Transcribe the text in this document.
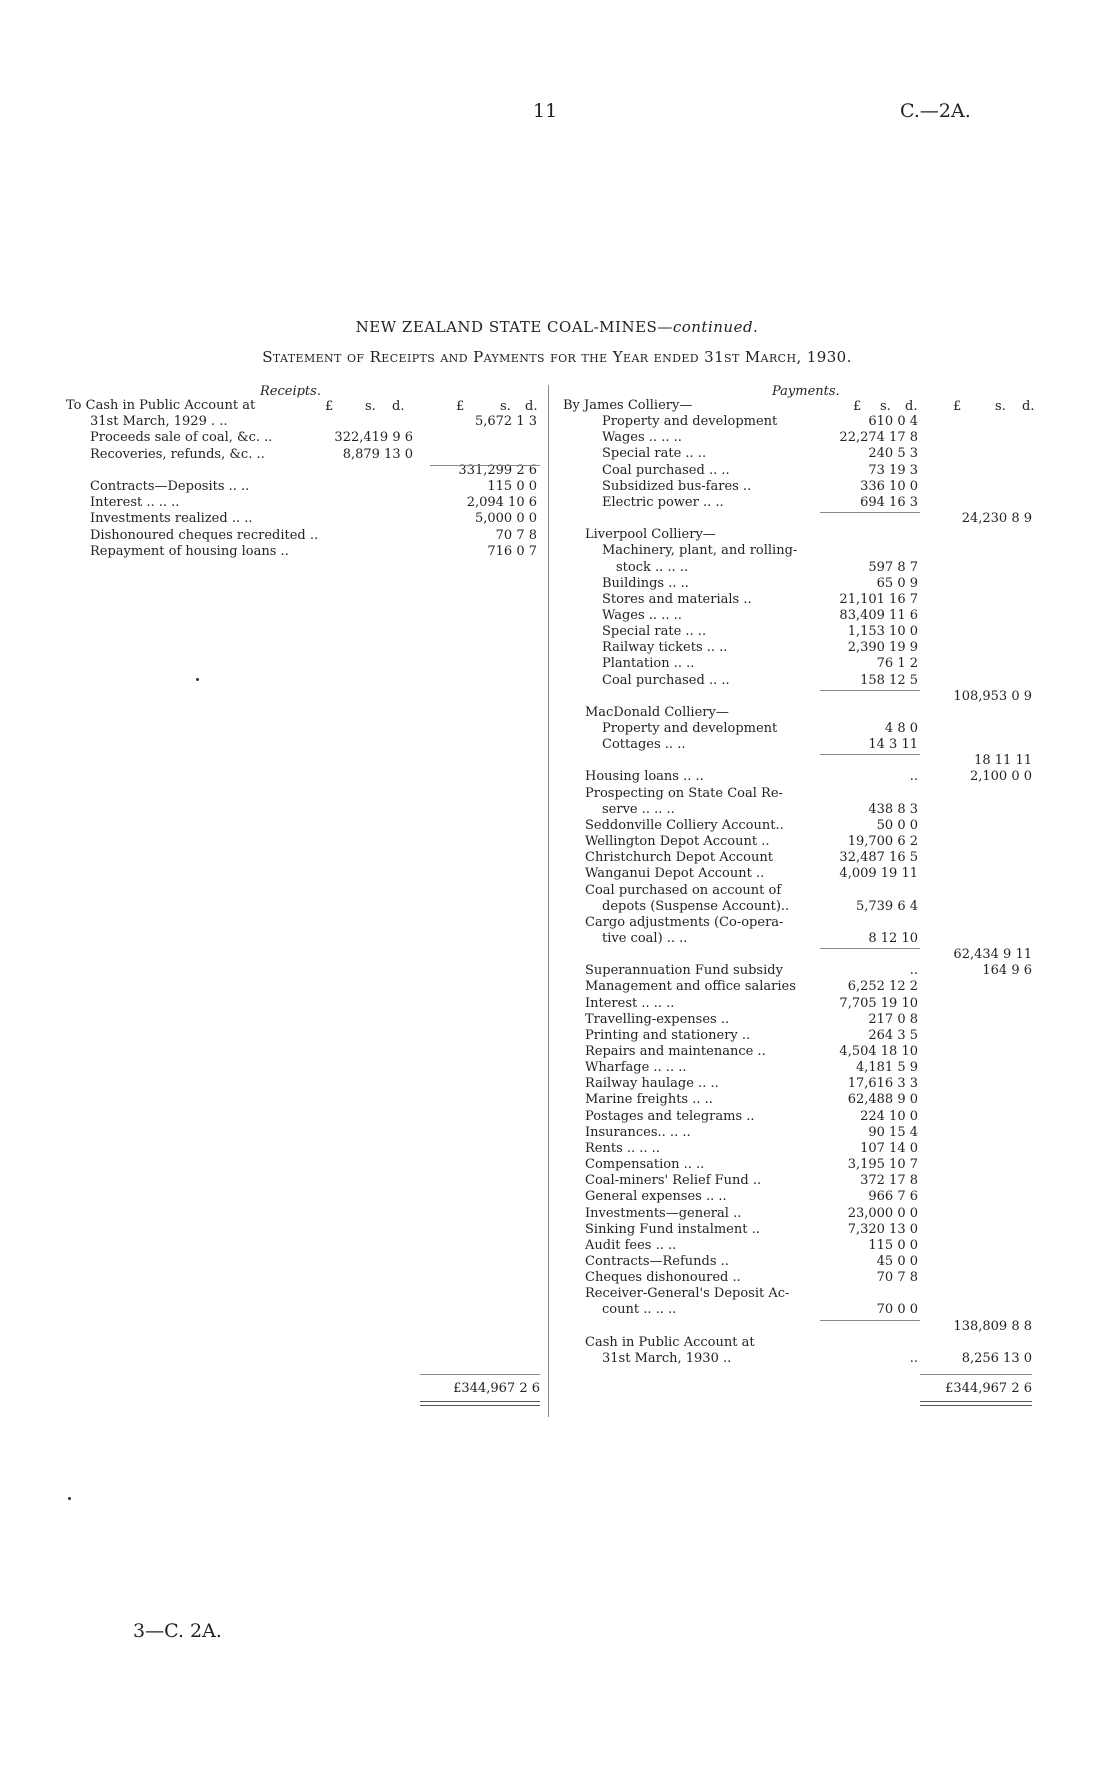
11	C.—2A.
NEW ZEALAND STATE COAL-MINES—continued.
Statement of Receipts and Payments for the Year ended 31st March, 1930.
Receipts.
£ s. d.	£	s. d.
Payments.
£ s. d.	£	s. d.
To Cash in Public Account at
31st March, 1929 . ..	5,672 1 3
Proceeds sale of coal, &c. ..	322,419 9 6
Recoveries, refunds, &c. ..	8,879 13 0
331,299 2 6
Contracts—Deposits .. ..	115 0 0
Interest .. .. ..	2,094 10 6
Investments realized .. ..	5,000 0 0
Dishonoured cheques recredited ..	70 7 8
Repayment of housing loans ..	716 0 7
By James Colliery—
Property and development	610 0 4
Wages .. .. ..	22,274 17 8
Special rate .. ..	240 5 3
Coal purchased .. ..	73 19 3
Subsidized bus-fares ..	336 10 0
Electric power .. ..	694 16 3
24,230 8 9
Liverpool Colliery—
Machinery, plant, and rolling-
stock .. .. ..	597 8 7
Buildings .. ..	65 0 9
Stores and materials ..	21,101 16 7
Wages .. .. ..	83,409 11 6
Special rate .. ..	1,153 10 0
Railway tickets .. ..	2,390 19 9
Plantation .. ..	76 1 2
Coal purchased .. ..	158 12 5
108,953 0 9
MacDonald Colliery—
Property and development	4 8 0
Cottages .. ..	14 3 11
18 11 11
Housing loans .. ..	..	2,100 0 0
Prospecting on State Coal Re-
serve .. .. ..	438 8 3
Seddonville Colliery Account..	50 0 0
Wellington Depot Account ..	19,700 6 2
Christchurch Depot Account	32,487 16 5
Wanganui Depot Account ..	4,009 19 11
Coal purchased on account of
depots (Suspense Account)..	5,739 6 4
Cargo adjustments (Co-opera-
tive coal) .. ..	8 12 10
62,434 9 11
Superannuation Fund subsidy	..	164 9 6
Management and office salaries	6,252 12 2
Interest .. .. ..	7,705 19 10
Travelling-expenses ..	217 0 8
Printing and stationery ..	264 3 5
Repairs and maintenance ..	4,504 18 10
Wharfage .. .. ..	4,181 5 9
Railway haulage .. ..	17,616 3 3
Marine freights .. ..	62,488 9 0
Postages and telegrams ..	224 10 0
Insurances.. .. ..	90 15 4
Rents .. .. ..	107 14 0
Compensation .. ..	3,195 10 7
Coal-miners' Relief Fund ..	372 17 8
General expenses .. ..	966 7 6
Investments—general ..	23,000 0 0
Sinking Fund instalment ..	7,320 13 0
Audit fees .. ..	115 0 0
Contracts—Refunds ..	45 0 0
Cheques dishonoured ..	70 7 8
Receiver-General's Deposit Ac-
count .. .. ..	70 0 0
138,809 8 8
Cash in Public Account at
31st March, 1930 ..	..	8,256 13 0
£344,967 2 6	£344,967 2 6
3—C. 2A.
